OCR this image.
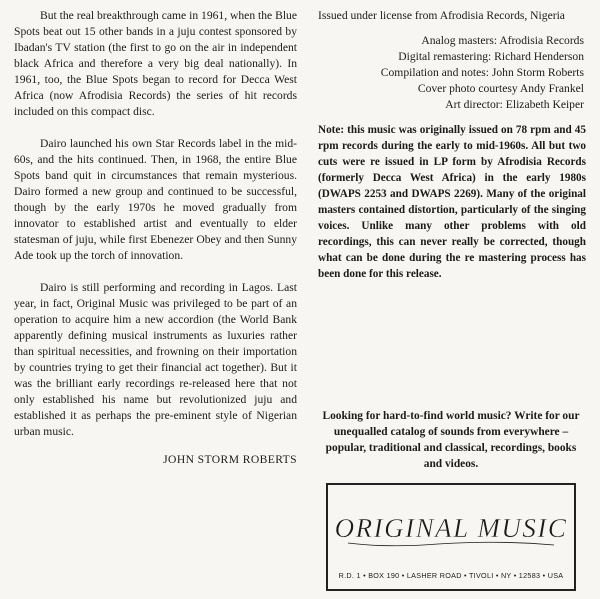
But the real breakthrough came in 1961, when the Blue Spots beat out 15 other bands in a juju contest sponsored by Ibadan's TV station (the first to go on the air in independent black Africa and therefore a very big deal nationally). In 1961, too, the Blue Spots began to record for Decca West Africa (now Afrodisia Records) the series of hit records included on this compact disc.

Dairo launched his own Star Records label in the mid-60s, and the hits continued. Then, in 1968, the entire Blue Spots band quit in circumstances that remain mysterious. Dairo formed a new group and continued to be successful, though by the early 1970s he moved gradually from innovator to established artist and eventually to elder statesman of juju, while first Ebenezer Obey and then Sunny Ade took up the torch of innovation.

Dairo is still performing and recording in Lagos. Last year, in fact, Original Music was privileged to be part of an operation to acquire him a new accordion (the World Bank apparently defining musical instruments as luxuries rather than spiritual necessities, and frowning on their importation by countries trying to get their financial act together). But it was the brilliant early recordings re-released here that not only established his name but revolutionized juju and established it as perhaps the pre-eminent style of Nigerian urban music.

JOHN STORM ROBERTS

Issued under license from Afrodisia Records, Nigeria

Analog masters: Afrodisia Records
Digital remastering: Richard Henderson
Compilation and notes: John Storm Roberts
Cover photo courtesy Andy Frankel
Art director: Elizabeth Keiper

Note: this music was originally issued on 78 rpm and 45 rpm records during the early to mid-1960s. All but two cuts were re issued in LP form by Afrodisia Records (formerly Decca West Africa) in the early 1980s (DWAPS 2253 and DWAPS 2269). Many of the original masters contained distortion, particularly of the singing voices. Unlike many other problems with old recordings, this can never really be corrected, though what can be done during the re mastering process has been done for this release.

Looking for hard-to-find world music? Write for our unequalled catalog of sounds from everywhere – popular, traditional and classical, recordings, books and videos.
ORIGINAL MUSIC
R.D. 1 • BOX 190 • LASHER ROAD • TIVOLI • NY • 12583 • USA
